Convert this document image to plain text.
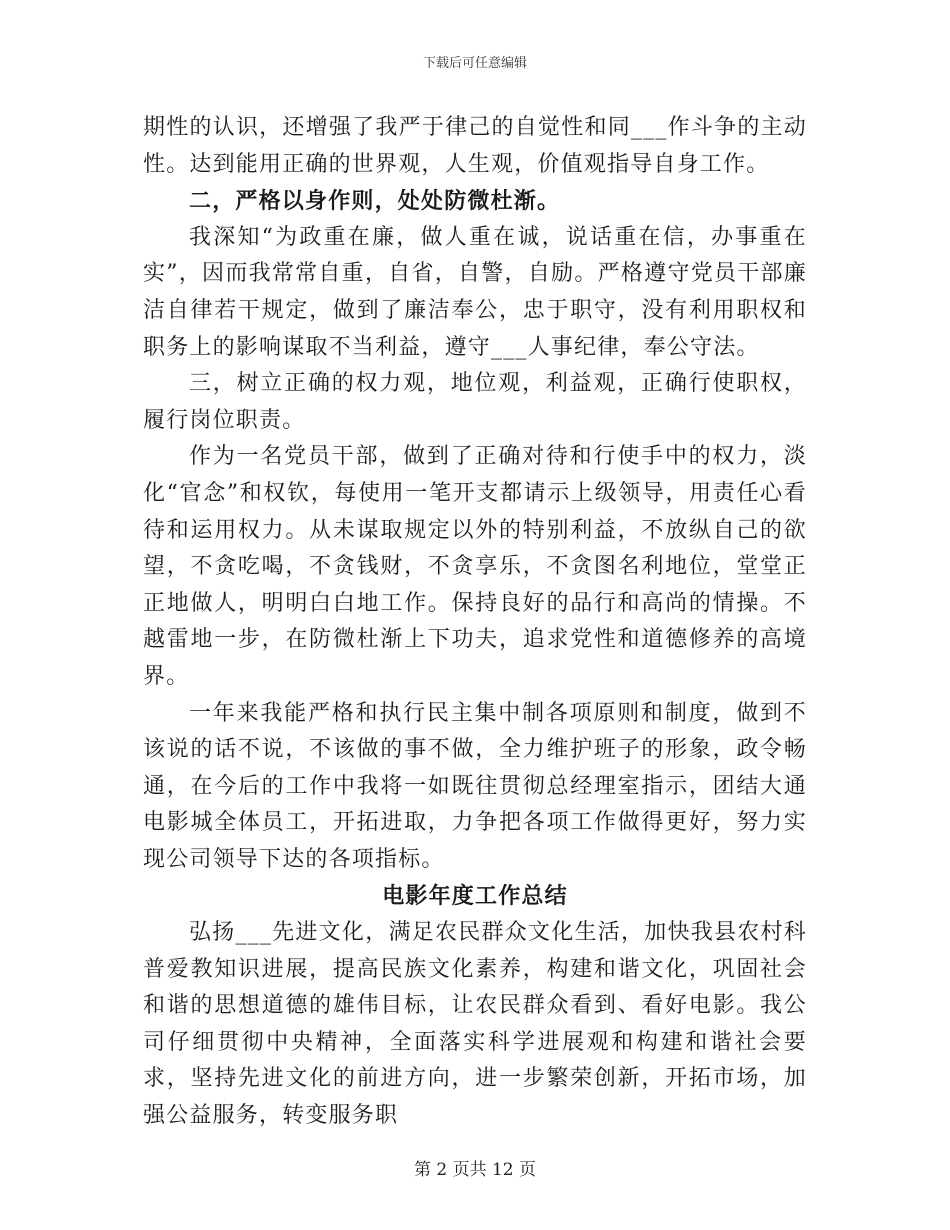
下载后可任意编辑

期性的认识，还增强了我严于律己的自觉性和同___作斗争的主动性。达到能用正确的世界观，人生观，价值观指导自身工作。

二，严格以身作则，处处防微杜渐。

我深知“为政重在廉，做人重在诚，说话重在信，办事重在实”，因而我常常自重，自省，自警，自励。严格遵守党员干部廉洁自律若干规定，做到了廉洁奉公，忠于职守，没有利用职权和职务上的影响谋取不当利益，遵守___人事纪律，奉公守法。

三，树立正确的权力观，地位观，利益观，正确行使职权，履行岗位职责。

作为一名党员干部，做到了正确对待和行使手中的权力，淡化“官念”和权钦，每使用一笔开支都请示上级领导，用责任心看待和运用权力。从未谋取规定以外的特别利益，不放纵自己的欲望，不贪吃喝，不贪钱财，不贪享乐，不贪图名利地位，堂堂正正地做人，明明白白地工作。保持良好的品行和高尚的情操。不越雷地一步，在防微杜渐上下功夫，追求党性和道德修养的高境界。

一年来我能严格和执行民主集中制各项原则和制度，做到不该说的话不说，不该做的事不做，全力维护班子的形象，政令畅通，在今后的工作中我将一如既往贯彻总经理室指示，团结大通电影城全体员工，开拓进取，力争把各项工作做得更好，努力实现公司领导下达的各项指标。

电影年度工作总结

弘扬___先进文化，满足农民群众文化生活，加快我县农村科普爱教知识进展，提高民族文化素养，构建和谐文化，巩固社会和谐的思想道德的雄伟目标，让农民群众看到、看好电影。我公司仔细贯彻中央精神，全面落实科学进展观和构建和谐社会要求，坚持先进文化的前进方向，进一步繁荣创新，开拓市场，加强公益服务，转变服务职

第 2 页共 12 页
